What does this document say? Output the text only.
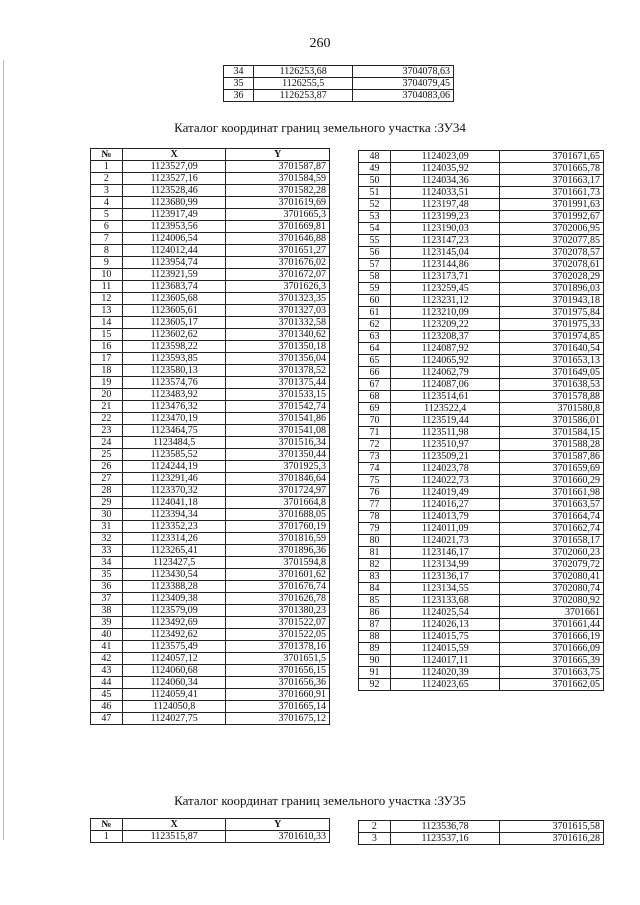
260
34	1126253,68	3704078,63
35	1126255,5	3704079,45
36	1126253,87	3704083,06
Каталог координат границ земельного участка :ЗУ34
№	X	Y
1	1123527,09	3701587,87
2	1123527,16	3701584,59
3	1123528,46	3701582,28
4	1123680,99	3701619,69
5	1123917,49	3701665,3
6	1123953,56	3701669,81
7	1124006,54	3701646,88
8	1124012,44	3701651,27
9	1123954,74	3701676,02
10	1123921,59	3701672,07
11	1123683,74	3701626,3
12	1123605,68	3701323,35
13	1123605,61	3701327,03
14	1123605,17	3701332,58
15	1123602,62	3701340,62
16	1123598,22	3701350,18
17	1123593,85	3701356,04
18	1123580,13	3701378,52
19	1123574,76	3701375,44
20	1123483,92	3701533,15
21	1123476,32	3701542,74
22	1123470,19	3701541,86
23	1123464,75	3701541,08
24	1123484,5	3701516,34
25	1123585,52	3701350,44
26	1124244,19	3701925,3
27	1123291,46	3701846,64
28	1123370,32	3701724,97
29	1124041,18	3701664,8
30	1123394,34	3701688,05
31	1123352,23	3701760,19
32	1123314,26	3701816,59
33	1123265,41	3701896,36
34	1123427,5	3701594,8
35	1123430,54	3701601,62
36	1123388,28	3701676,74
37	1123409,38	3701626,78
38	1123579,09	3701380,23
39	1123492,69	3701522,07
40	1123492,62	3701522,05
41	1123575,49	3701378,16
42	1124057,12	3701651,5
43	1124060,68	3701656,15
44	1124060,34	3701656,36
45	1124059,41	3701660,91
46	1124050,8	3701665,14
47	1124027,75	3701675,12
48	1124023,09	3701671,65
49	1124035,92	3701665,78
50	1124034,36	3701663,17
51	1124033,51	3701661,73
52	1123197,48	3701991,63
53	1123199,23	3701992,67
54	1123190,03	3702006,95
55	1123147,23	3702077,85
56	1123145,04	3702078,57
57	1123144,86	3702078,61
58	1123173,71	3702028,29
59	1123259,45	3701896,03
60	1123231,12	3701943,18
61	1123210,09	3701975,84
62	1123209,22	3701975,33
63	1123208,37	3701974,85
64	1124087,92	3701640,54
65	1124065,92	3701653,13
66	1124062,79	3701649,05
67	1124087,06	3701638,53
68	1123514,61	3701578,88
69	1123522,4	3701580,8
70	1123519,44	3701586,01
71	1123511,98	3701584,15
72	1123510,97	3701588,28
73	1123509,21	3701587,86
74	1124023,78	3701659,69
75	1124022,73	3701660,29
76	1124019,49	3701661,98
77	1124016,27	3701663,57
78	1124013,79	3701664,74
79	1124011,09	3701662,74
80	1124021,73	3701658,17
81	1123146,17	3702060,23
82	1123134,99	3702079,72
83	1123136,17	3702080,41
84	1123134,55	3702080,74
85	1123133,68	3702080,92
86	1124025,54	3701661
87	1124026,13	3701661,44
88	1124015,75	3701666,19
89	1124015,59	3701666,09
90	1124017,11	3701665,39
91	1124020,39	3701663,75
92	1124023,65	3701662,05
Каталог координат границ земельного участка :ЗУ35
№	X	Y
1	1123515,87	3701610,33
2	1123536,78	3701615,58
3	1123537,16	3701616,28
